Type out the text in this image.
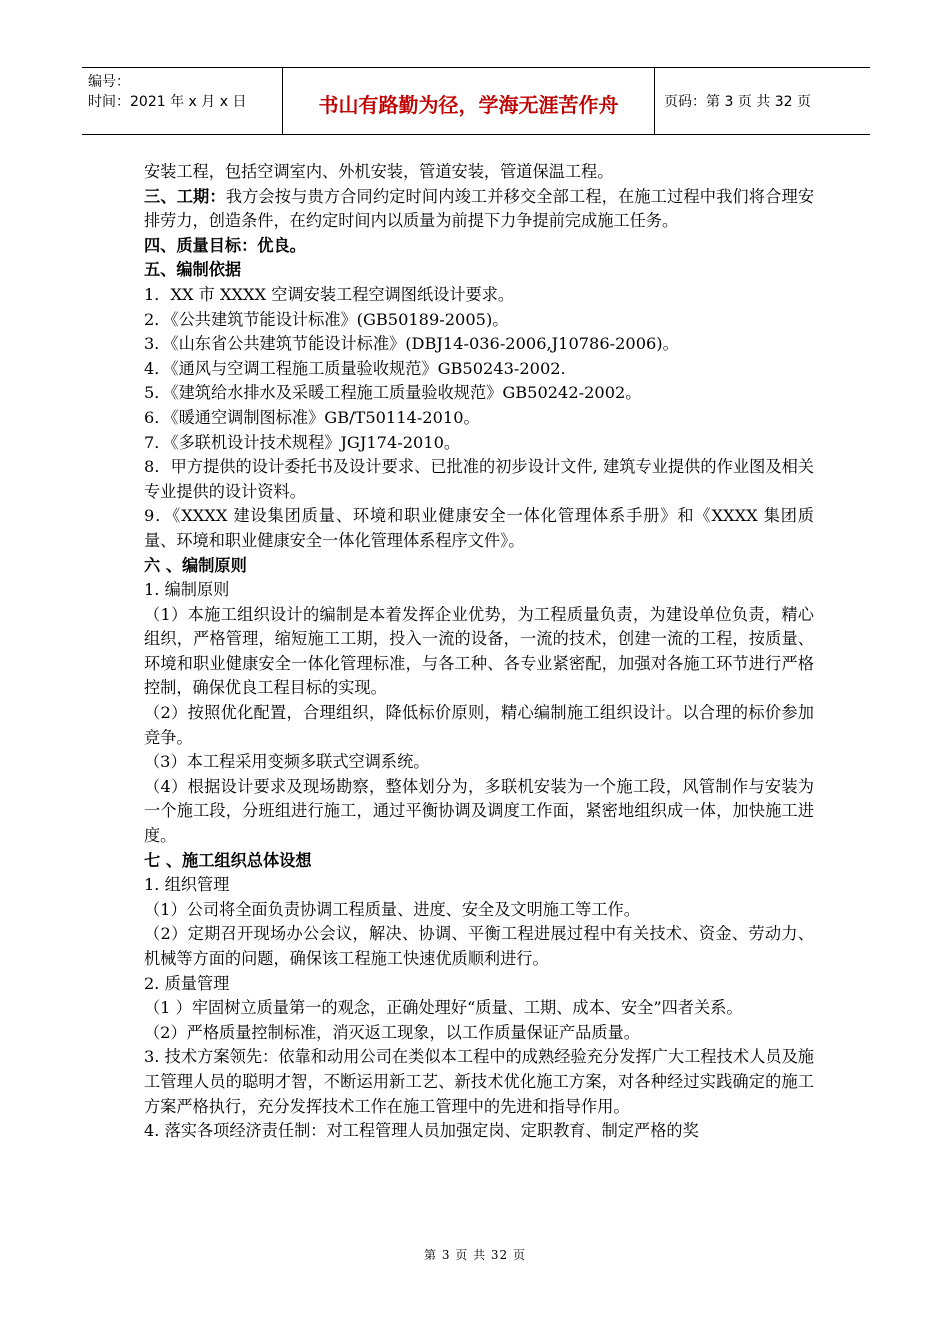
编号：
时间：2021 年 x 月 x 日	书山有路勤为径，学海无涯苦作舟	页码：第 3 页 共 32 页

安装工程，包括空调室内、外机安装，管道安装，管道保温工程。

三、工期：我方会按与贵方合同约定时间内竣工并移交全部工程，在施工过程中我们将合理安排劳力，创造条件，在约定时间内以质量为前提下力争提前完成施工任务。

四、质量目标：优良。

五、编制依据

1．XX 市 XXXX 空调安装工程空调图纸设计要求。

2．《公共建筑节能设计标准》(GB50189-2005)。

3．《山东省公共建筑节能设计标准》(DBJ14-036-2006,J10786-2006)。

4．《通风与空调工程施工质量验收规范》GB50243-2002.

5．《建筑给水排水及采暖工程施工质量验收规范》GB50242-2002。

6．《暖通空调制图标准》GB/T50114-2010。

7．《多联机设计技术规程》JGJ174-2010。

8．甲方提供的设计委托书及设计要求、已批准的初步设计文件, 建筑专业提供的作业图及相关专业提供的设计资料。

9．《XXXX 建设集团质量、环境和职业健康安全一体化管理体系手册》和《XXXX 集团质量、环境和职业健康安全一体化管理体系程序文件》。

六 、编制原则

1. 编制原则

（1）本施工组织设计的编制是本着发挥企业优势，为工程质量负责，为建设单位负责，精心组织，严格管理，缩短施工工期，投入一流的设备，一流的技术，创建一流的工程，按质量、环境和职业健康安全一体化管理标准，与各工种、各专业紧密配，加强对各施工环节进行严格控制，确保优良工程目标的实现。

（2）按照优化配置，合理组织，降低标价原则，精心编制施工组织设计。以合理的标价参加竞争。

（3）本工程采用变频多联式空调系统。

（4）根据设计要求及现场勘察，整体划分为，多联机安装为一个施工段，风管制作与安装为一个施工段，分班组进行施工，通过平衡协调及调度工作面，紧密地组织成一体，加快施工进度。

七 、施工组织总体设想

1. 组织管理

（1）公司将全面负责协调工程质量、进度、安全及文明施工等工作。

（2）定期召开现场办公会议，解决、协调、平衡工程进展过程中有关技术、资金、劳动力、机械等方面的问题，确保该工程施工快速优质顺利进行。

2. 质量管理

（1 ）牢固树立质量第一的观念，正确处理好“质量、工期、成本、安全”四者关系。

（2）严格质量控制标准，消灭返工现象，以工作质量保证产品质量。

3. 技术方案领先：依靠和动用公司在类似本工程中的成熟经验充分发挥广大工程技术人员及施工管理人员的聪明才智，不断运用新工艺、新技术优化施工方案，对各种经过实践确定的施工方案严格执行，充分发挥技术工作在施工管理中的先进和指导作用。

4. 落实各项经济责任制：对工程管理人员加强定岗、定职教育、制定严格的奖

第 3 页 共 32 页
